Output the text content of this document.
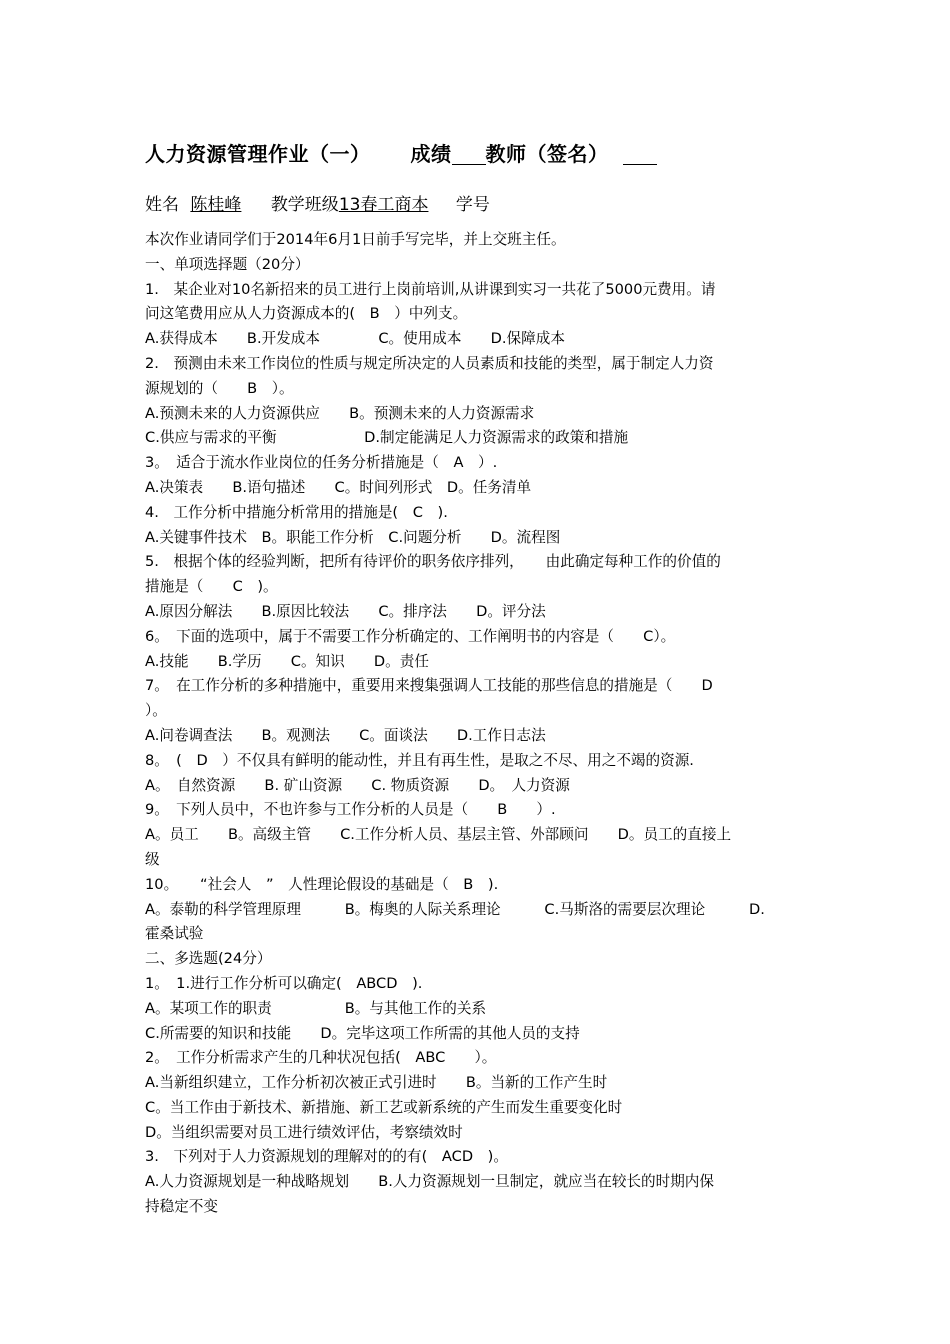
人力资源管理作业（一） 成绩 教师（签名）
姓名 陈桂峰 教学班级13春工商本 学号
本次作业请同学们于2014年6月1日前手写完毕，并上交班主任。
一、单项选择题（20分）
1.　某企业对10名新招来的员工进行上岗前培训,从讲课到实习一共花了5000元费用。请
问这笔费用应从人力资源成本的(　B　）中列支。
A.获得成本　　B.开发成本　　　　C。使用成本　　D.保障成本
2.　预测由未来工作岗位的性质与规定所决定的人员素质和技能的类型，属于制定人力资
源规划的（　　B　）。
A.预测未来的人力资源供应　　B。预测未来的人力资源需求
C.供应与需求的平衡　　　　　　D.制定能满足人力资源需求的政策和措施
3。　适合于流水作业岗位的任务分析措施是（　A　）.
A.决策表　　B.语句描述　　C。时间列形式　D。任务清单
4.　工作分析中措施分析常用的措施是(　C　).
A.关键事件技术　B。职能工作分析　C.问题分析　　D。流程图
5.　根据个体的经验判断，把所有待评价的职务依序排列，　　由此确定每种工作的价值的
措施是（　　C　)。
A.原因分解法　　B.原因比较法　　C。排序法　　D。评分法
6。　下面的选项中，属于不需要工作分析确定的、工作阐明书的内容是（　　C）。
A.技能　　B.学历　　C。知识　　D。责任
7。　在工作分析的多种措施中，重要用来搜集强调人工技能的那些信息的措施是（　　D
）。
A.问卷调查法　　B。观测法　　C。面谈法　　D.工作日志法
8。　(　D　）不仅具有鲜明的能动性，并且有再生性，是取之不尽、用之不竭的资源.
A。　自然资源　　B. 矿山资源　　C. 物质资源　　D。　人力资源
9。　下列人员中，不也许参与工作分析的人员是（　　B　　）.
A。员工　　B。高级主管　　C.工作分析人员、基层主管、外部顾问　　D。员工的直接上
级
10。　　“社会人　”　人性理论假设的基础是（　B　).
A。泰勒的科学管理原理　　　B。梅奥的人际关系理论　　　C.马斯洛的需要层次理论　　　D.
霍桑试验
二、多选题(24分）
1。　1.进行工作分析可以确定(　ABCD　).
A。某项工作的职责　　　　　B。与其他工作的关系
C.所需要的知识和技能　　D。完毕这项工作所需的其他人员的支持
2。　工作分析需求产生的几种状况包括(　ABC　　）。
A.当新组织建立，工作分析初次被正式引进时　　B。当新的工作产生时
C。当工作由于新技术、新措施、新工艺或新系统的产生而发生重要变化时
D。当组织需要对员工进行绩效评估，考察绩效时
3.　下列对于人力资源规划的理解对的的有(　ACD　)。
A.人力资源规划是一种战略规划　　B.人力资源规划一旦制定，就应当在较长的时期内保
持稳定不变
